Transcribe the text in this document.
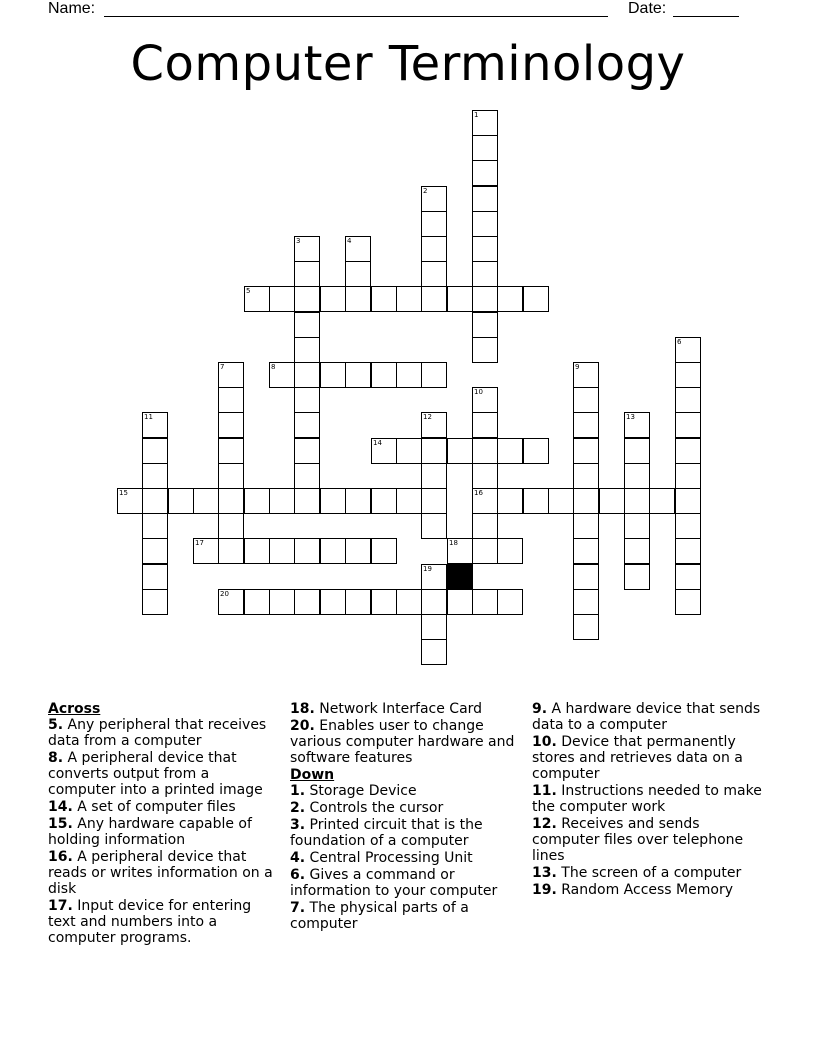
Name:	Date:
Computer Terminology
1
2
3	4
5
6
7	8	9
10
16
11	12	13
14
15
17	18
19
20
Across
5. Any peripheral that receives data from a computer
8. A peripheral device that converts output from a computer into a printed image
14. A set of computer files
15. Any hardware capable of holding information
16. A peripheral device that reads or writes information on a disk
17. Input device for entering text and numbers into a computer programs.
18. Network Interface Card
20. Enables user to change various computer hardware and software features
Down
1. Storage Device
2. Controls the cursor
3. Printed circuit that is the foundation of a computer
4. Central Processing Unit
6. Gives a command or information to your computer
7. The physical parts of a computer
9. A hardware device that sends data to a computer
10. Device that permanently stores and retrieves data on a computer
11. Instructions needed to make the computer work
12. Receives and sends computer files over telephone lines
13. The screen of a computer
19. Random Access Memory
